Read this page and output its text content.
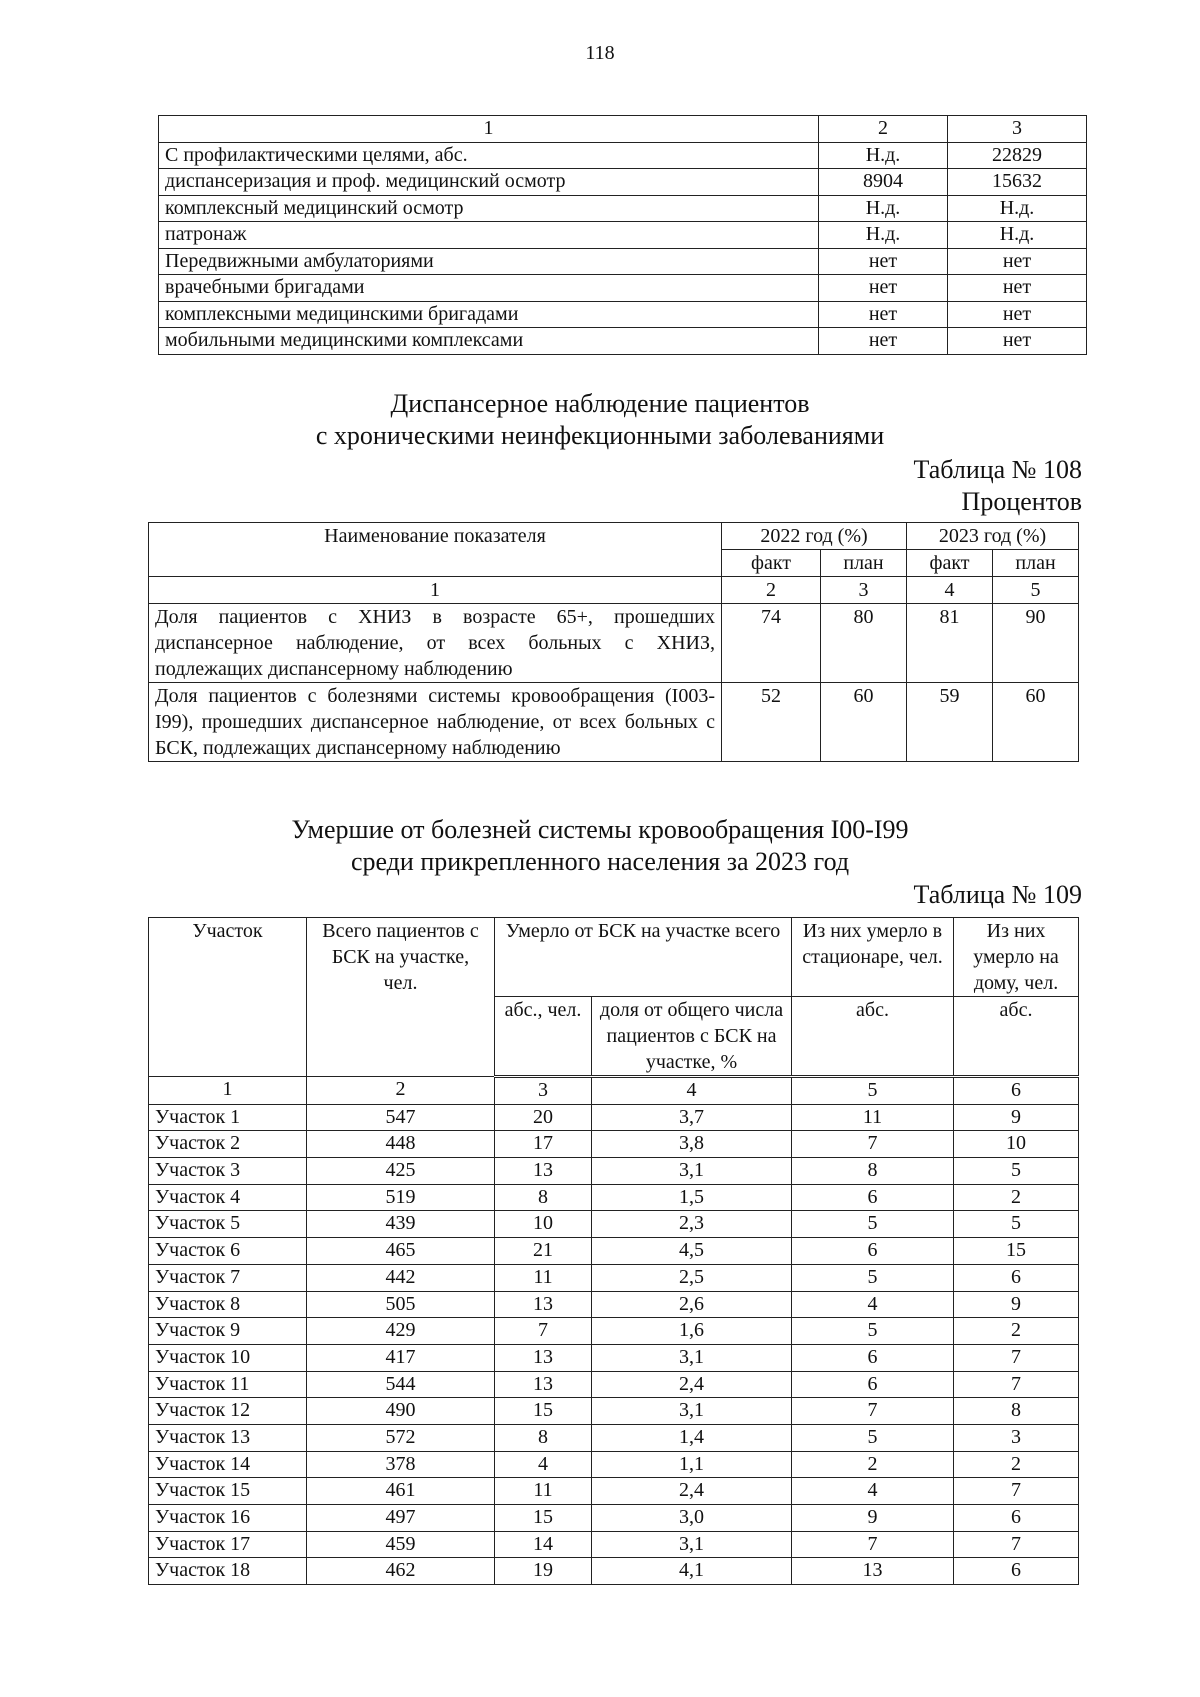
118
1	2	3
С профилактическими целями, абс.	Н.д.	22829
диспансеризация и проф. медицинский осмотр	8904	15632
комплексный медицинский осмотр	Н.д.	Н.д.
патронаж	Н.д.	Н.д.
Передвижными амбулаториями	нет	нет
врачебными бригадами	нет	нет
комплексными медицинскими бригадами	нет	нет
мобильными медицинскими комплексами	нет	нет
Диспансерное наблюдение пациентов
с хроническими неинфекционными заболеваниями
Таблица № 108
Процентов
Наименование показателя	2022 год (%)		2023 год (%)	
	факт	план	факт	план
1	2	3	4	5
Доля пациентов с ХНИЗ в возрасте 65+, прошедших диспансерное наблюдение, от всех больных с ХНИЗ, подлежащих диспансерному наблюдению	74	80	81	90
Доля пациентов с болезнями системы кровообращения (I003-I99), прошедших диспансерное наблюдение, от всех больных с БСК, подлежащих диспансерному наблюдению	52	60	59	60
Умершие от болезней системы кровообращения I00-I99
среди прикрепленного населения за 2023 год
Таблица № 109
Участок	Всего пациентов с БСК на участке, чел.	Умерло от БСК на участке всего		Из них умерло в стационаре, чел.	Из них умерло на дому, чел.
		абс., чел.	доля от общего числа пациентов с БСК на участке, %	абс.	абс.
1	2	3	4	5	6
Участок 1	547	20	3,7	11	9
Участок 2	448	17	3,8	7	10
Участок 3	425	13	3,1	8	5
Участок 4	519	8	1,5	6	2
Участок 5	439	10	2,3	5	5
Участок 6	465	21	4,5	6	15
Участок 7	442	11	2,5	5	6
Участок 8	505	13	2,6	4	9
Участок 9	429	7	1,6	5	2
Участок 10	417	13	3,1	6	7
Участок 11	544	13	2,4	6	7
Участок 12	490	15	3,1	7	8
Участок 13	572	8	1,4	5	3
Участок 14	378	4	1,1	2	2
Участок 15	461	11	2,4	4	7
Участок 16	497	15	3,0	9	6
Участок 17	459	14	3,1	7	7
Участок 18	462	19	4,1	13	6
